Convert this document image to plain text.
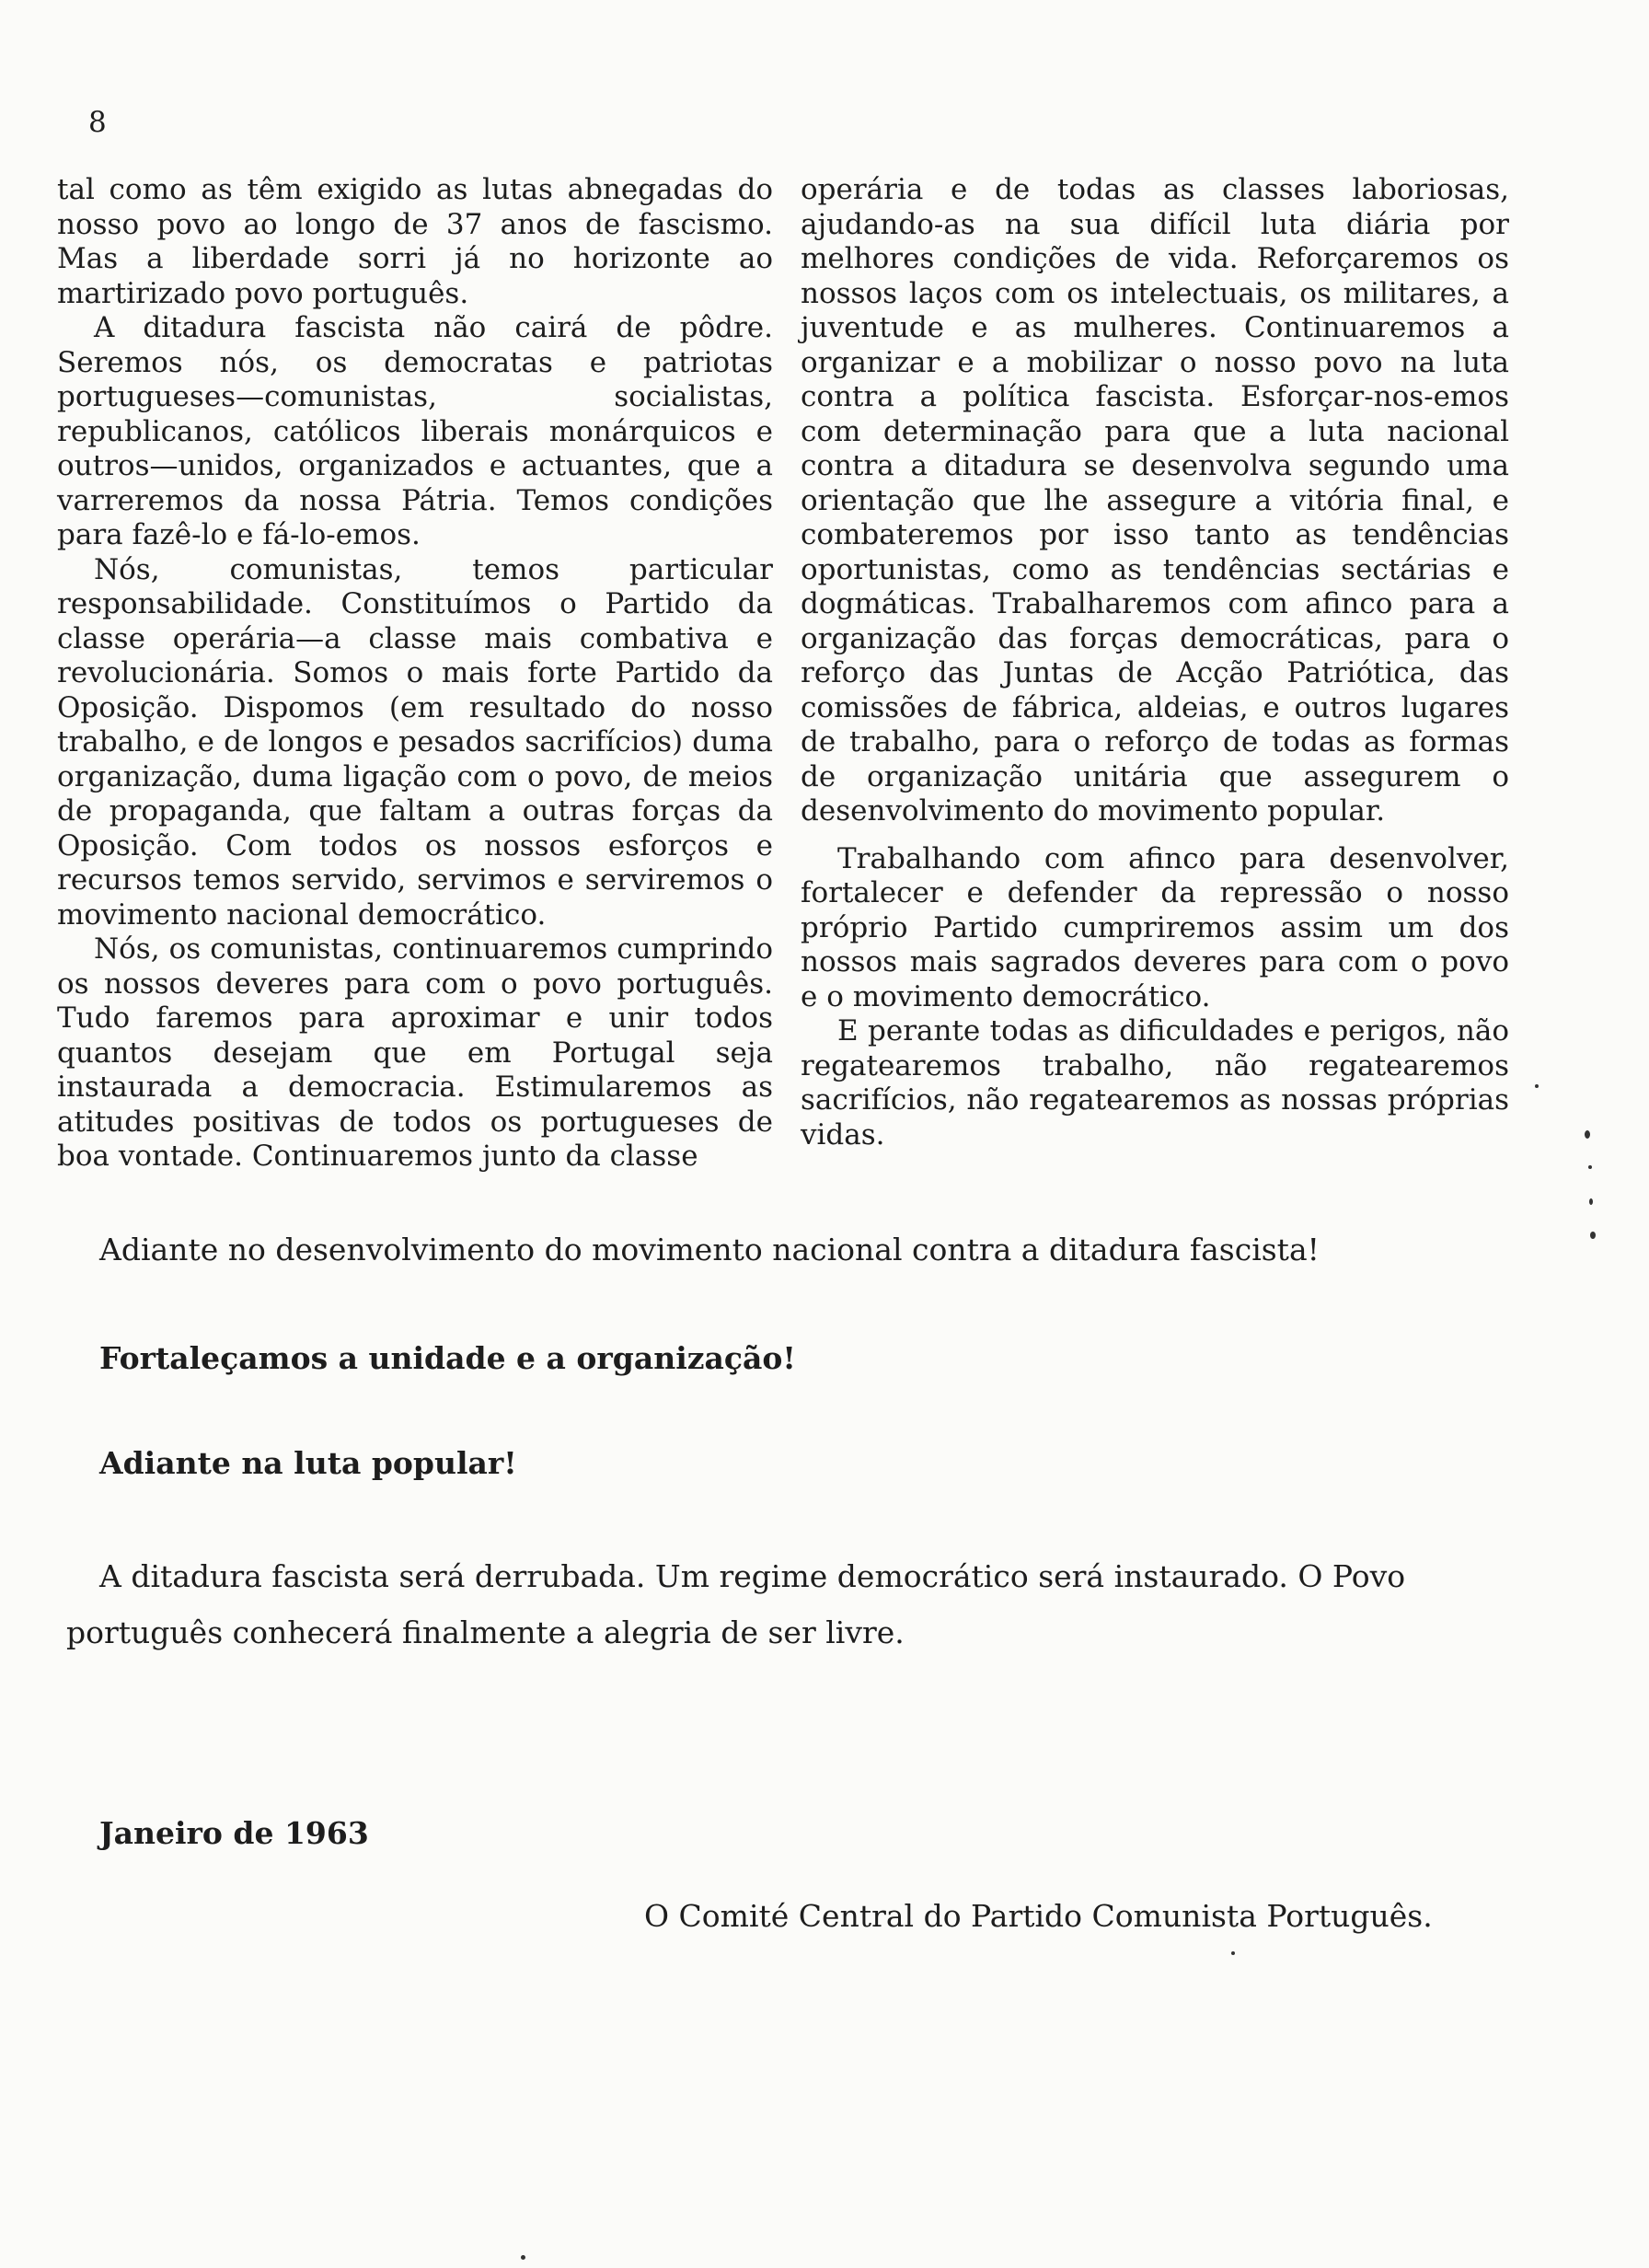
8

tal como as têm exigido as lutas abnegadas do nosso povo ao longo de 37 anos de fascismo. Mas a liberdade sorri já no horizonte ao martirizado povo português.

A ditadura fascista não cairá de pôdre. Seremos nós, os democratas e patriotas portugueses—comunistas, socialistas, republicanos, católicos liberais monárquicos e outros—unidos, organizados e actuantes, que a varreremos da nossa Pátria. Temos condições para fazê-lo e fá-lo-emos.

Nós, comunistas, temos particular responsabilidade. Constituímos o Partido da classe operária—a classe mais combativa e revolucionária. Somos o mais forte Partido da Oposição. Dispomos (em resultado do nosso trabalho, e de longos e pesados sacrifícios) duma organização, duma ligação com o povo, de meios de propaganda, que faltam a outras forças da Oposição. Com todos os nossos esforços e recursos temos servido, servimos e serviremos o movimento nacional democrático.

Nós, os comunistas, continuaremos cumprindo os nossos deveres para com o povo português. Tudo faremos para aproximar e unir todos quantos desejam que em Portugal seja instaurada a democracia. Estimularemos as atitudes positivas de todos os portugueses de boa vontade. Continuaremos junto da classe

operária e de todas as classes laboriosas, ajudando-as na sua difícil luta diária por melhores condições de vida. Reforçaremos os nossos laços com os intelectuais, os militares, a juventude e as mulheres. Continuaremos a organizar e a mobilizar o nosso povo na luta contra a política fascista. Esforçar-nos-emos com determinação para que a luta nacional contra a ditadura se desenvolva segundo uma orientação que lhe assegure a vitória final, e combateremos por isso tanto as tendências oportunistas, como as tendências sectárias e dogmáticas. Trabalharemos com afinco para a organização das forças democráticas, para o reforço das Juntas de Acção Patriótica, das comissões de fábrica, aldeias, e outros lugares de trabalho, para o reforço de todas as formas de organização unitária que assegurem o desenvolvimento do movimento popular.

Trabalhando com afinco para desenvolver, fortalecer e defender da repressão o nosso próprio Partido cumpriremos assim um dos nossos mais sagrados deveres para com o povo e o movimento democrático.

E perante todas as dificuldades e perigos, não regatearemos trabalho, não regatearemos sacrifícios, não regatearemos as nossas próprias vidas.

Adiante no desenvolvimento do movimento nacional contra a ditadura fascista!

Fortaleçamos a unidade e a organização!

Adiante na luta popular!

A ditadura fascista será derrubada. Um regime democrático será instaurado. O Povo português conhecerá finalmente a alegria de ser livre.

Janeiro de 1963
O Comité Central do Partido Comunista Português.
